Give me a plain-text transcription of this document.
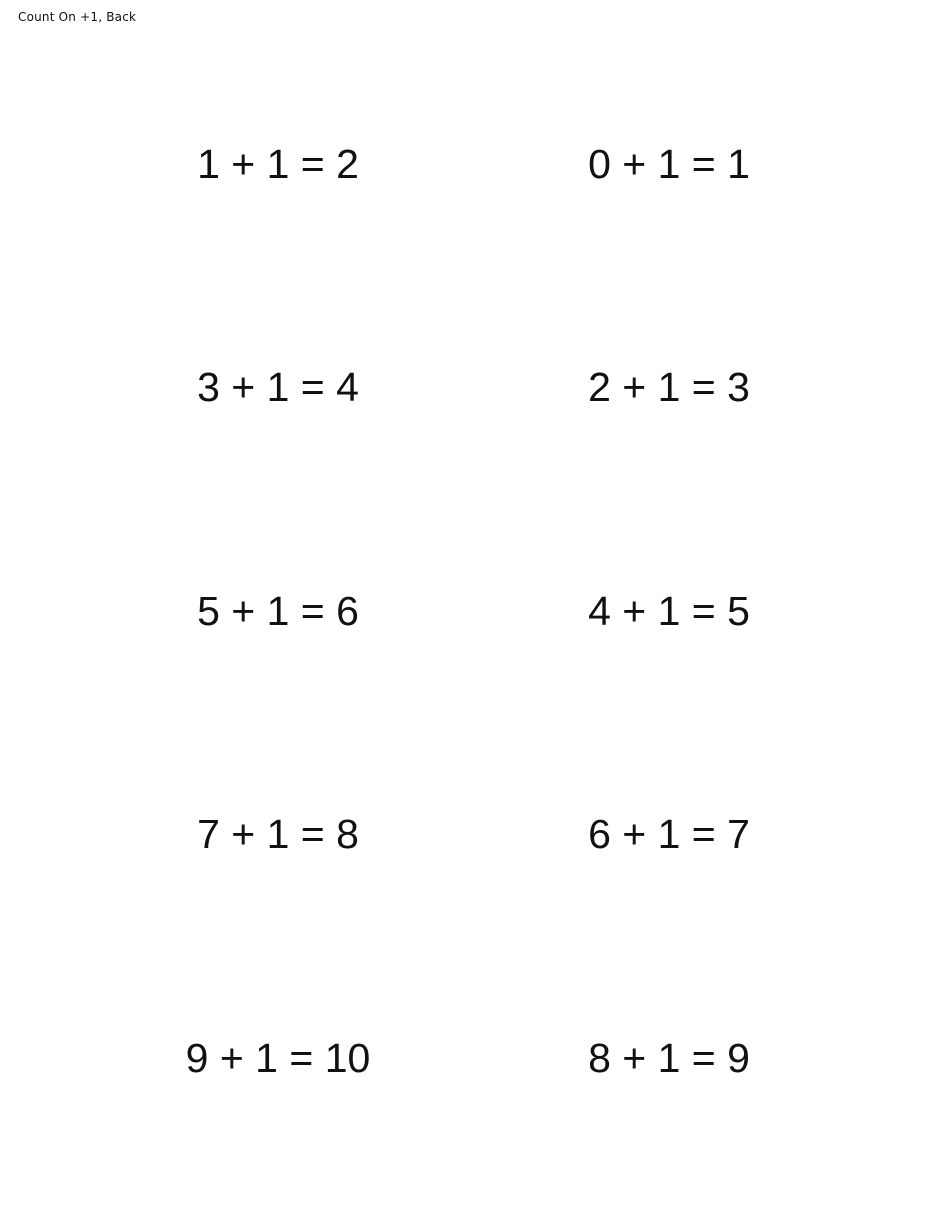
Count On +1, Back
1 + 1 = 2	0 + 1 = 1
3 + 1 = 4	2 + 1 = 3
5 + 1 = 6	4 + 1 = 5
7 + 1 = 8	6 + 1 = 7
9 + 1 = 10	8 + 1 = 9
